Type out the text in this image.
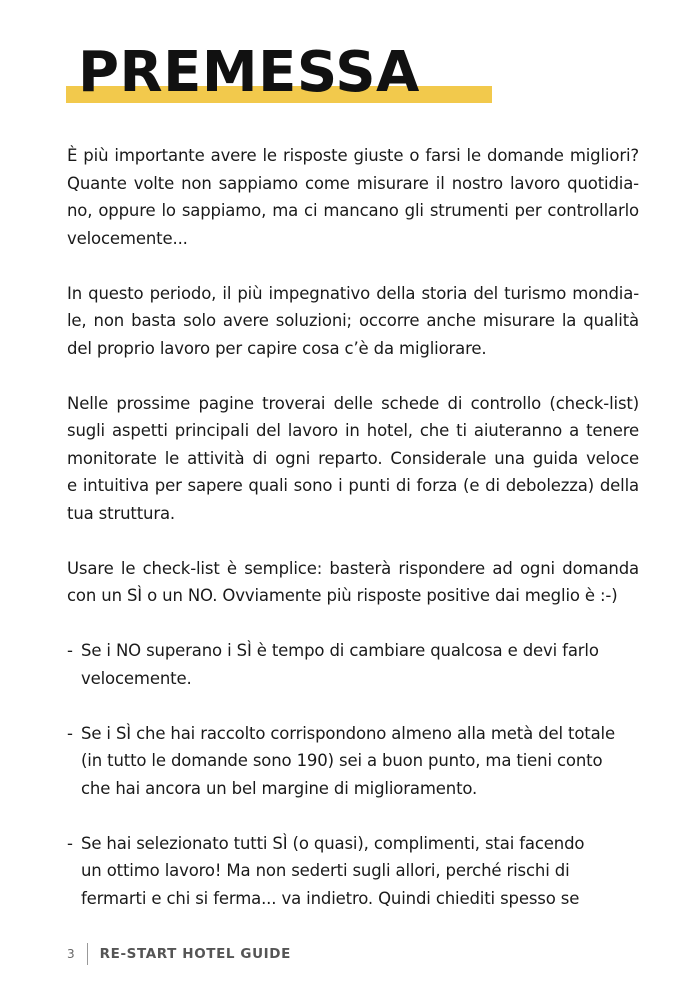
PREMESSA

È più importante avere le risposte giuste o farsi le domande migliori?
Quante volte non sappiamo come misurare il nostro lavoro quotidia-
no, oppure lo sappiamo, ma ci mancano gli strumenti per controllarlo
velocemente...

In questo periodo, il più impegnativo della storia del turismo mondia-
le, non basta solo avere soluzioni; occorre anche misurare la qualità
del proprio lavoro per capire cosa c’è da migliorare.

Nelle prossime pagine troverai delle schede di controllo (check-list)
sugli aspetti principali del lavoro in hotel, che ti aiuteranno a tenere
monitorate le attività di ogni reparto. Considerale una guida veloce
e intuitiva per sapere quali sono i punti di forza (e di debolezza) della
tua struttura.

Usare le check-list è semplice: basterà rispondere ad ogni domanda
con un SÌ o un NO. Ovviamente più risposte positive dai meglio è :-)

- Se i NO superano i SÌ è tempo di cambiare qualcosa e devi farlo
velocemente.
- Se i SÌ che hai raccolto corrispondono almeno alla metà del totale
(in tutto le domande sono 190) sei a buon punto, ma tieni conto
che hai ancora un bel margine di miglioramento.
- Se hai selezionato tutti SÌ (o quasi), complimenti, stai facendo
un ottimo lavoro! Ma non sederti sugli allori, perché rischi di
fermarti e chi si ferma... va indietro. Quindi chiediti spesso se
3 RE-START HOTEL GUIDE
